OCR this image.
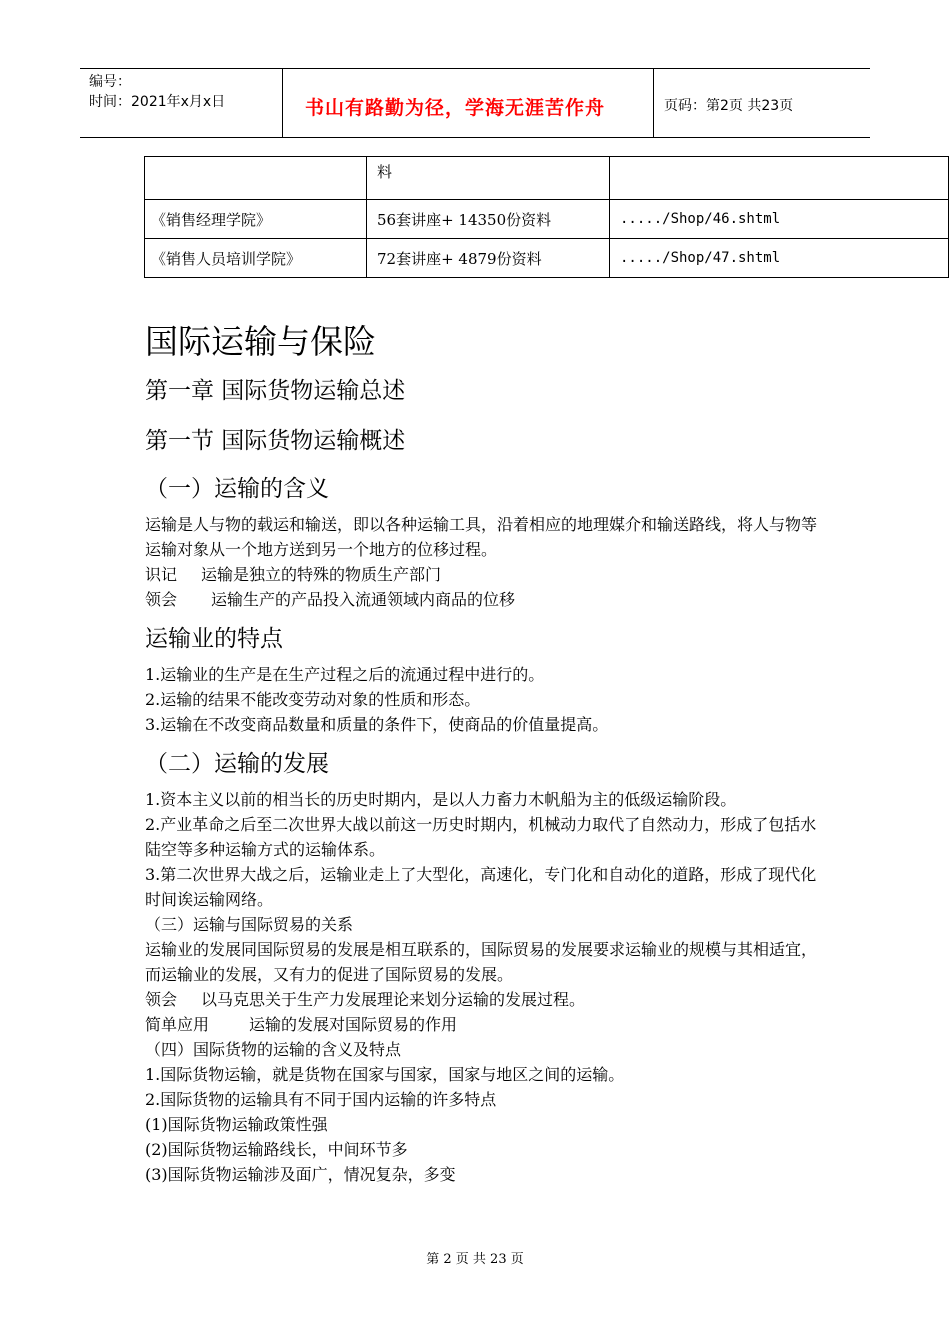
编号：
时间：2021年x月x日	书山有路勤为径，学海无涯苦作舟	页码：第2页 共23页
	料	
《销售经理学院》	56套讲座+ 14350份资料	...../Shop/46.shtml
《销售人员培训学院》	72套讲座+ 4879份资料	...../Shop/47.shtml
国际运输与保险
第一章 国际货物运输总述
第一节 国际货物运输概述
（一）运输的含义

运输是人与物的载运和输送，即以各种运输工具，沿着相应的地理媒介和输送路线，将人与物等运输对象从一个地方送到另一个地方的位移过程。

识记 运输是独立的特殊的物质生产部门

领会 运输生产的产品投入流通领域内商品的位移

运输业的特点

1.运输业的生产是在生产过程之后的流通过程中进行的。

2.运输的结果不能改变劳动对象的性质和形态。

3.运输在不改变商品数量和质量的条件下，使商品的价值量提高。

（二）运输的发展

1.资本主义以前的相当长的历史时期内，是以人力畜力木帆船为主的低级运输阶段。

2.产业革命之后至二次世界大战以前这一历史时期内，机械动力取代了自然动力，形成了包括水陆空等多种运输方式的运输体系。

3.第二次世界大战之后，运输业走上了大型化，高速化，专门化和自动化的道路，形成了现代化时间诶运输网络。

（三）运输与国际贸易的关系

运输业的发展同国际贸易的发展是相互联系的，国际贸易的发展要求运输业的规模与其相适宜，而运输业的发展，又有力的促进了国际贸易的发展。

领会 以马克思关于生产力发展理论来划分运输的发展过程。

简单应用 运输的发展对国际贸易的作用

（四）国际货物的运输的含义及特点

1.国际货物运输，就是货物在国家与国家，国家与地区之间的运输。

2.国际货物的运输具有不同于国内运输的许多特点

(1)国际货物运输政策性强

(2)国际货物运输路线长，中间环节多

(3)国际货物运输涉及面广，情况复杂，多变

第 2 页 共 23 页
